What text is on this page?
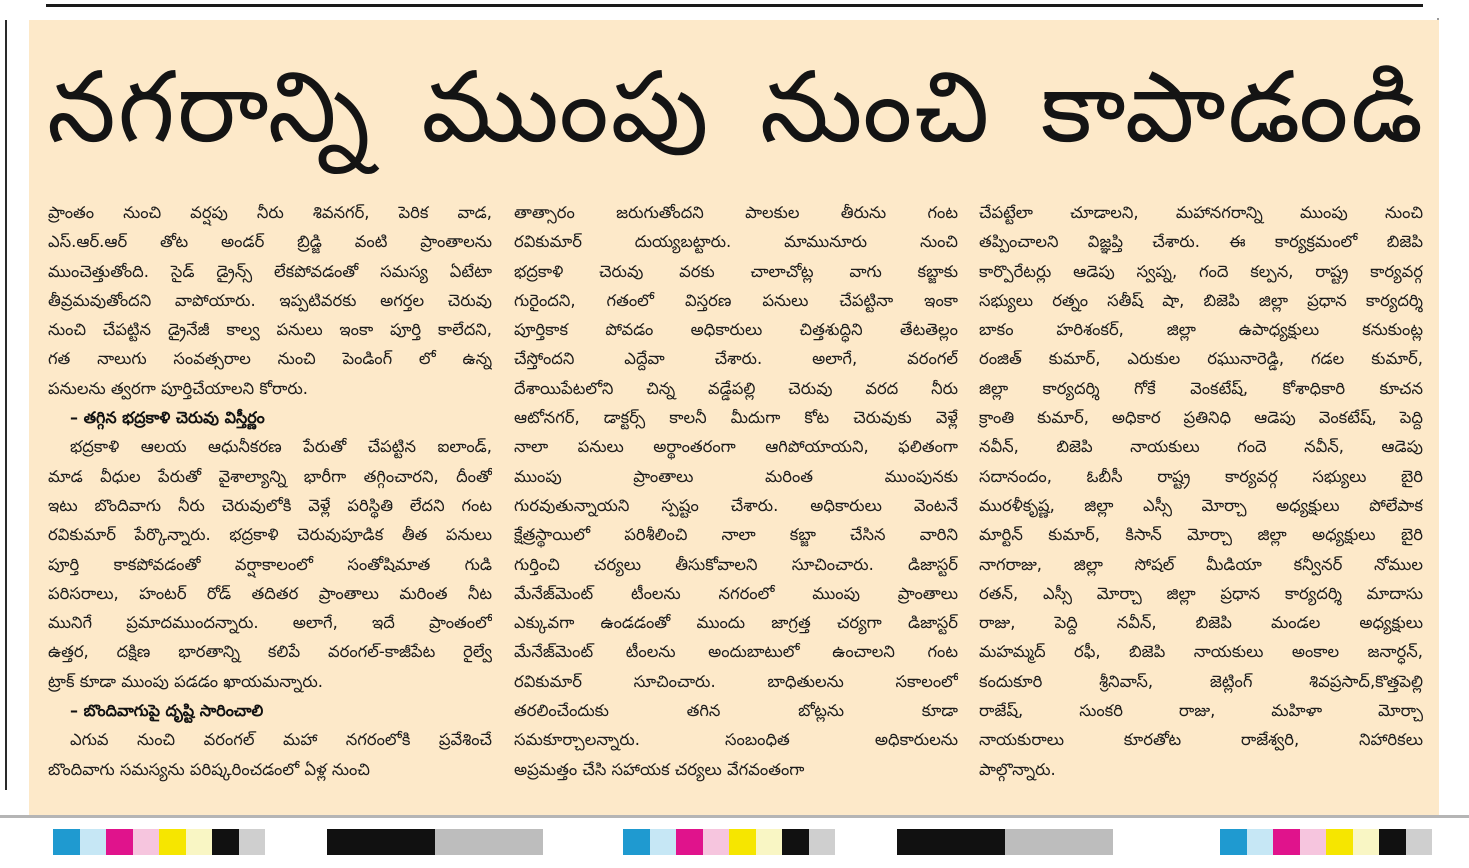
నగరాన్ని ముంపు నుంచి కాపాడండి
ప్రాంతం నుంచి వర్షపు నీరు శివనగర్, పెరిక వాడ,
ఎస్.ఆర్.ఆర్ తోట అండర్ బ్రిడ్జి వంటి ప్రాంతాలను
ముంచెత్తుతోంది. సైడ్ డ్రైన్స్ లేకపోవడంతో సమస్య ఏటేటా
తీవ్రమవుతోందని వాపోయారు. ఇప్పటివరకు అగర్తల చెరువు
నుంచి చేపట్టిన డ్రైనేజీ కాల్వ పనులు ఇంకా పూర్తి కాలేదని,
గత నాలుగు సంవత్సరాల నుంచి పెండింగ్ లో ఉన్న
పనులను త్వరగా పూర్తిచేయాలని కోరారు.
– తగ్గిన భద్రకాళి చెరువు విస్తీర్ణం
భద్రకాళి ఆలయ ఆధునీకరణ పేరుతో చేపట్టిన ఐలాండ్,
మాడ వీధుల పేరుతో వైశాల్యాన్ని భారీగా తగ్గించారని, దీంతో
ఇటు బొందివాగు నీరు చెరువులోకి వెళ్లే పరిస్థితి లేదని గంట
రవికుమార్ పేర్కొన్నారు. భద్రకాళి చెరువుపూడిక తీత పనులు
పూర్తి కాకపోవడంతో వర్షాకాలంలో సంతోషిమాత గుడి
పరిసరాలు, హంటర్ రోడ్ తదితర ప్రాంతాలు మరింత నీట
మునిగే ప్రమాదముందన్నారు. అలాగే, ఇదే ప్రాంతంలో
ఉత్తర, దక్షిణ భారతాన్ని కలిపే వరంగల్-కాజీపేట రైల్వే
ట్రాక్ కూడా ముంపు పడడం ఖాయమన్నారు.
– బొందివాగుపై దృష్టి సారించాలి
ఎగువ నుంచి వరంగల్ మహా నగరంలోకి ప్రవేశించే
బొందివాగు సమస్యను పరిష్కరించడంలో ఏళ్ల నుంచి
తాత్సారం జరుగుతోందని పాలకుల తీరును గంట
రవికుమార్ దుయ్యబట్టారు. మామునూరు నుంచి
భద్రకాళి చెరువు వరకు చాలాచోట్ల వాగు కబ్జాకు
గురైందని, గతంలో విస్తరణ పనులు చేపట్టినా ఇంకా
పూర్తికాక పోవడం అధికారులు చిత్తశుద్ధిని తేటతెల్లం
చేస్తోందని ఎద్దేవా చేశారు. అలాగే, వరంగల్
దేశాయిపేటలోని చిన్న వడ్డేపల్లి చెరువు వరద నీరు
ఆటోనగర్, డాక్టర్స్ కాలనీ మీదుగా కోట చెరువుకు వెళ్లే
నాలా పనులు అర్థాంతరంగా ఆగిపోయాయని, ఫలితంగా
ముంపు ప్రాంతాలు మరింత ముంపునకు
గురవుతున్నాయని స్పష్టం చేశారు. అధికారులు వెంటనే
క్షేత్రస్థాయిలో పరిశీలించి నాలా కబ్జా చేసిన వారిని
గుర్తించి చర్యలు తీసుకోవాలని సూచించారు. డిజాస్టర్
మేనేజ్‌మెంట్ టీంలను నగరంలో ముంపు ప్రాంతాలు
ఎక్కువగా ఉండడంతో ముందు జాగ్రత్త చర్యగా డిజాస్టర్
మేనేజ్‌మెంట్ టీంలను అందుబాటులో ఉంచాలని గంట
రవికుమార్ సూచించారు. బాధితులను సకాలంలో
తరలించేందుకు తగిన బోట్లను కూడా
సమకూర్చాలన్నారు. సంబంధిత అధికారులను
అప్రమత్తం చేసి సహాయక చర్యలు వేగవంతంగా
చేపట్టేలా చూడాలని, మహానగరాన్ని ముంపు నుంచి
తప్పించాలని విజ్ఞప్తి చేశారు. ఈ కార్యక్రమంలో బిజెపి
కార్పొరేటర్లు ఆడెపు స్వప్న, గందె కల్పన, రాష్ట్ర కార్యవర్గ
సభ్యులు రత్నం సతీష్ షా, బిజెపి జిల్లా ప్రధాన కార్యదర్శి
బాకం హరిశంకర్, జిల్లా ఉపాధ్యక్షులు కనుకుంట్ల
రంజిత్ కుమార్, ఎరుకుల రఘునారెడ్డి, గడల కుమార్,
జిల్లా కార్యదర్శి గోకే వెంకటేష్, కోశాధికారి కూచన
క్రాంతి కుమార్, అధికార ప్రతినిధి ఆడెపు వెంకటేష్, పెద్ది
నవీన్, బిజెపి నాయకులు గందె నవీన్, ఆడెపు
సదానందం, ఓబీసీ రాష్ట్ర కార్యవర్గ సభ్యులు బైరి
మురళీకృష్ణ, జిల్లా ఎస్సీ మోర్చా అధ్యక్షులు పోలేపాక
మార్టిన్ కుమార్, కిసాన్ మోర్చా జిల్లా అధ్యక్షులు బైరి
నాగరాజు, జిల్లా సోషల్ మీడియా కన్వీనర్ నోముల
రతన్, ఎస్సీ మోర్చా జిల్లా ప్రధాన కార్యదర్శి మాదాసు
రాజు, పెద్ది నవీన్, బిజెపి మండల అధ్యక్షులు
మహమ్మద్ రఫీ, బిజెపి నాయకులు అంకాల జనార్ధన్,
కందుకూరి శ్రీనివాస్, జెట్లింగ్ శివప్రసాద్,కొత్తపెల్లి
రాజేష్, సుంకరి రాజు, మహిళా మోర్చా
నాయకురాలు కూరతోట రాజేశ్వరి, నిహారికలు
పాల్గొన్నారు.
